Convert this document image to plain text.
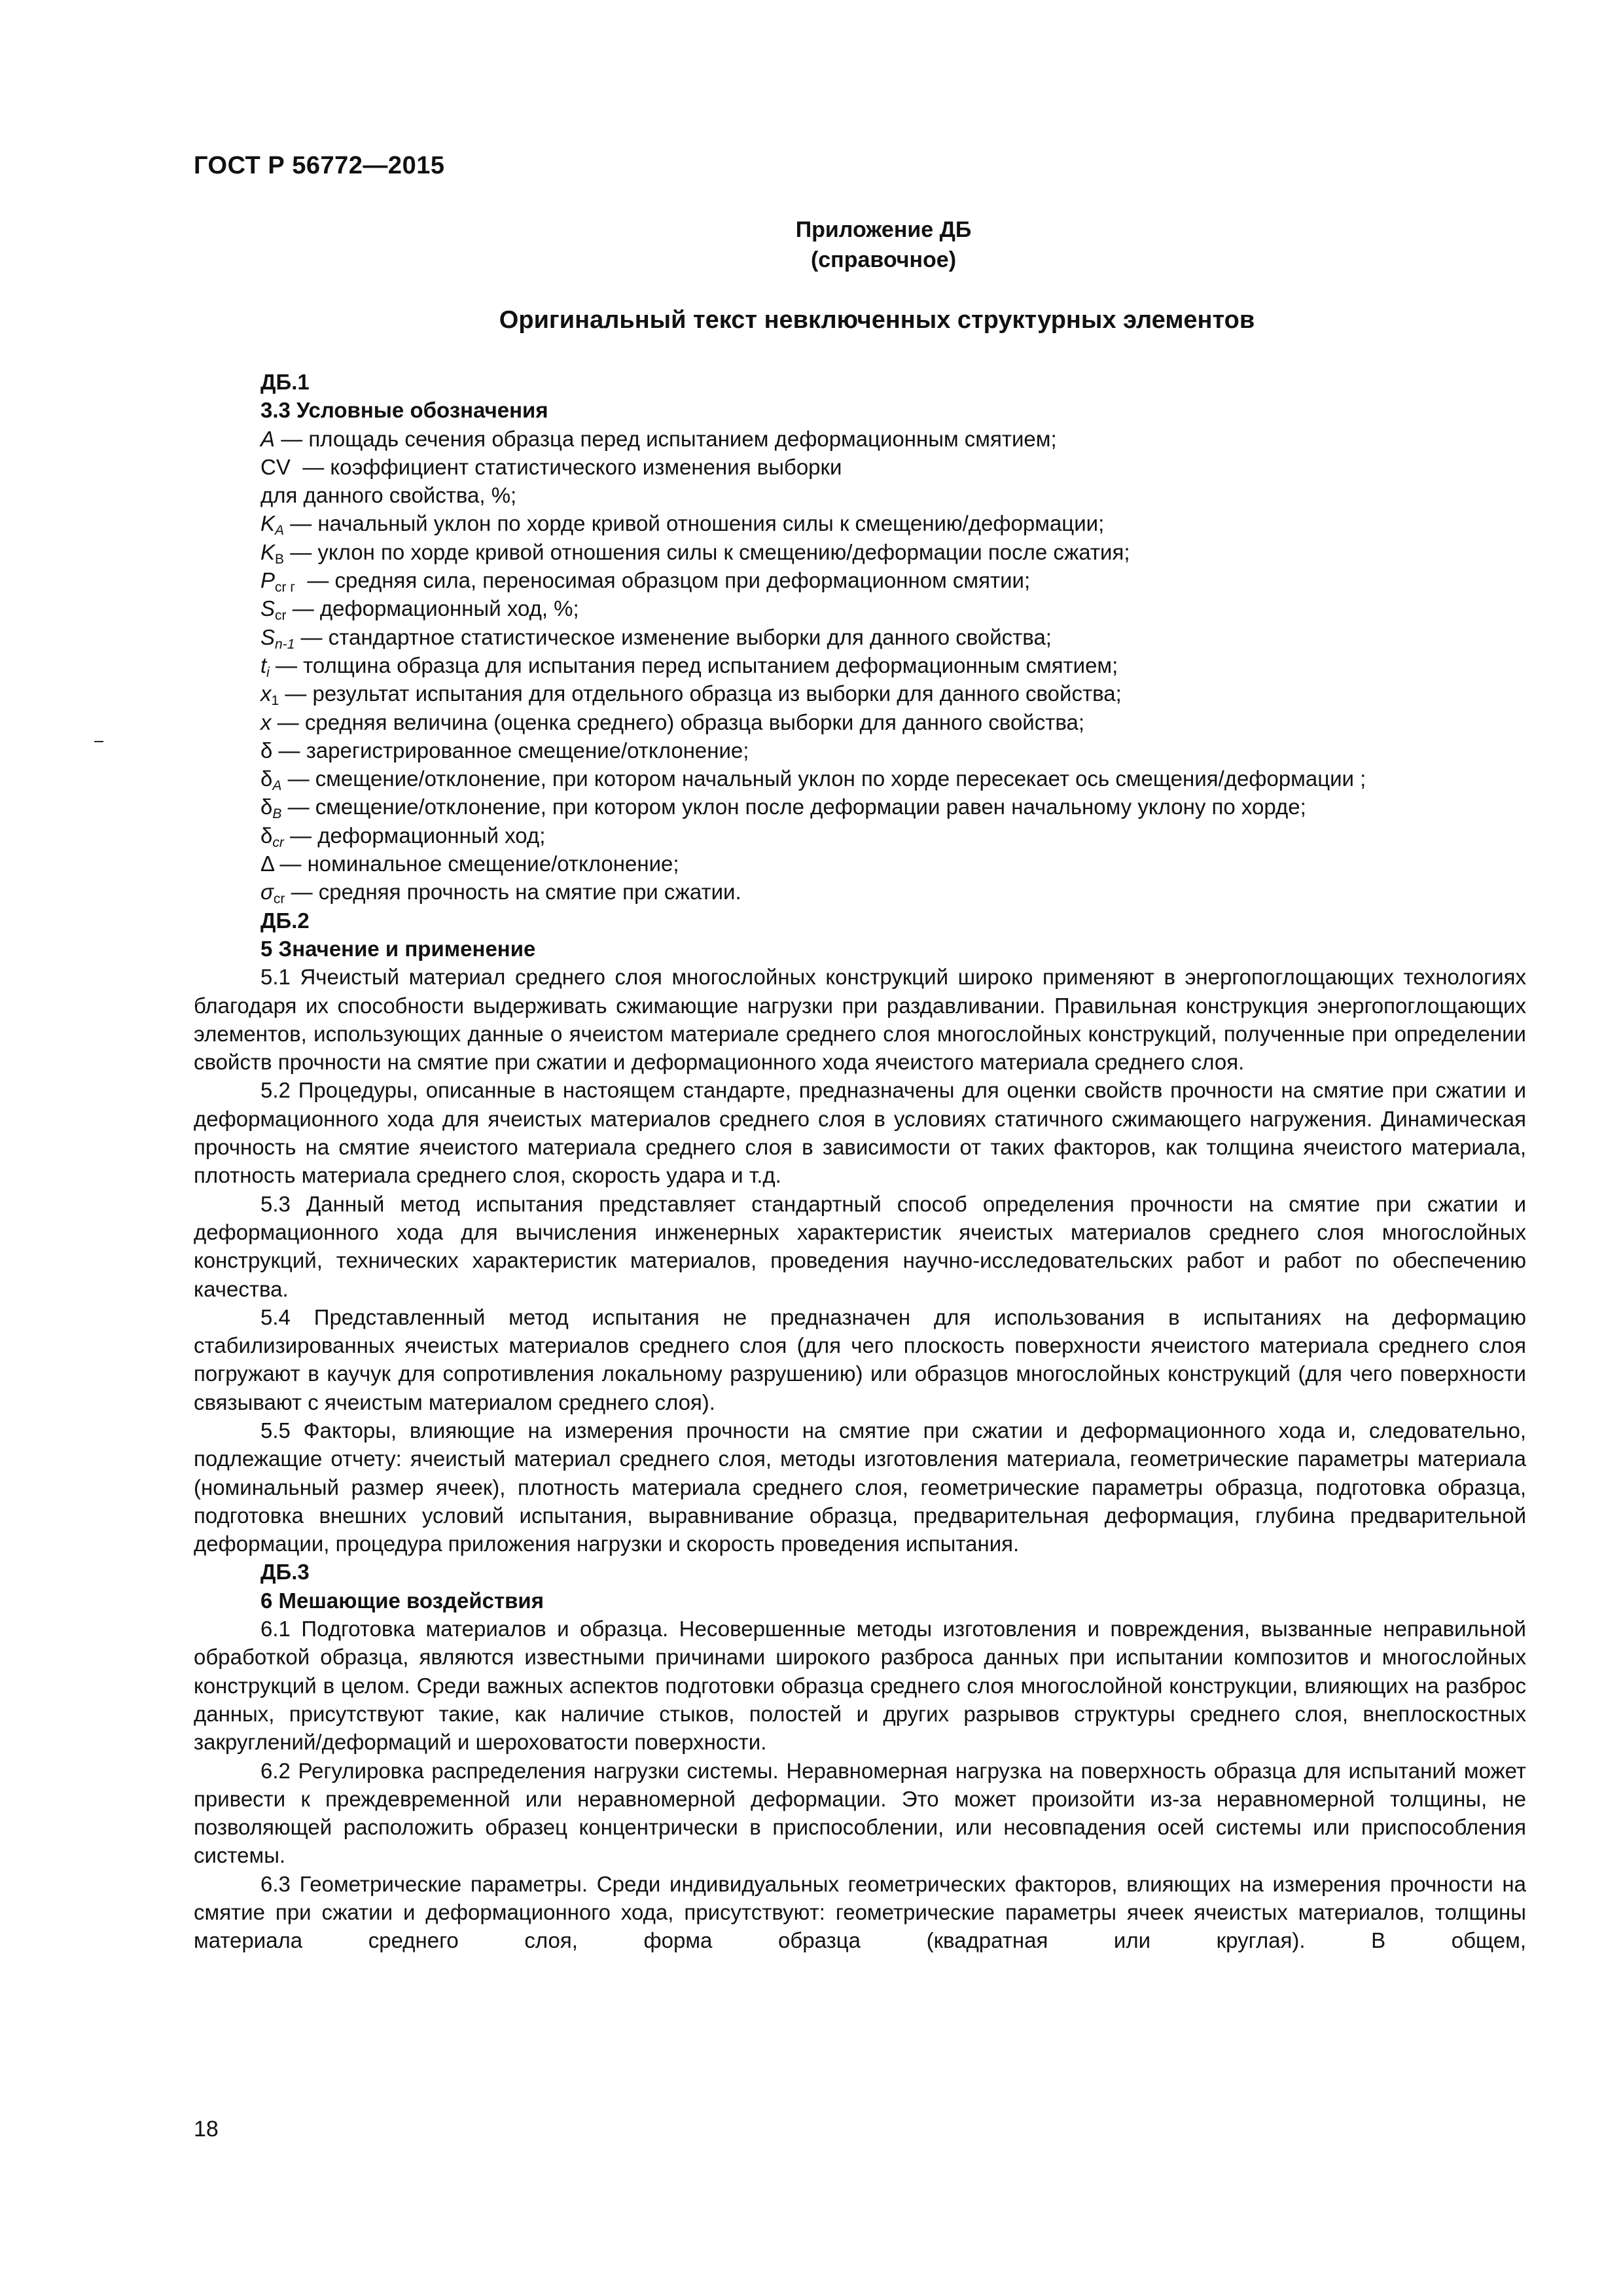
ГОСТ Р 56772—2015
Приложение ДБ
(справочное)
Оригинальный текст невключенных структурных элементов
ДБ.1
3.3 Условные обозначения
A — площадь сечения образца перед испытанием деформационным смятием;
CV — коэффициент статистического изменения выборки
для данного свойства, %;
$K_A$ — начальный уклон по хорде кривой отношения силы к смещению/деформации;
$K_B$ — уклон по хорде кривой отношения силы к смещению/деформации после сжатия;
$P_{cr г}$ — средняя сила, переносимая образцом при деформационном смятии;
$S_{cr}$ — деформационный ход, %;
$S_{n-1}$ — стандартное статистическое изменение выборки для данного свойства;
$t_i$ — толщина образца для испытания перед испытанием деформационным смятием;
$x_1$ — результат испытания для отдельного образца из выборки для данного свойства;
x — средняя величина (оценка среднего) образца выборки для данного свойства;
δ — зарегистрированное смещение/отклонение;
$\delta_A$ — смещение/отклонение, при котором начальный уклон по хорде пересекает ось смещения/деформации ;
$\delta_B$ — смещение/отклонение, при котором уклон после деформации равен начальному уклону по хорде;
$\delta_{cr}$ — деформационный ход;
Δ — номинальное смещение/отклонение;
$\sigma_{cr}$ — средняя прочность на смятие при сжатии.
ДБ.2
5 Значение и применение

5.1 Ячеистый материал среднего слоя многослойных конструкций широко применяют в энергопоглощающих технологиях благодаря их способности выдерживать сжимающие нагрузки при раздавливании. Правильная конструкция энергопоглощающих элементов, использующих данные о ячеистом материале среднего слоя многослойных конструкций, полученные при определении свойств прочности на смятие при сжатии и деформационного хода ячеистого материала среднего слоя.

5.2 Процедуры, описанные в настоящем стандарте, предназначены для оценки свойств прочности на смятие при сжатии и деформационного хода для ячеистых материалов среднего слоя в условиях статичного сжимающего нагружения. Динамическая прочность на смятие ячеистого материала среднего слоя в зависимости от таких факторов, как толщина ячеистого материала, плотность материала среднего слоя, скорость удара и т.д.

5.3 Данный метод испытания представляет стандартный способ определения прочности на смятие при сжатии и деформационного хода для вычисления инженерных характеристик ячеистых материалов среднего слоя многослойных конструкций, технических характеристик материалов, проведения научно-исследовательских работ и работ по обеспечению качества.

5.4 Представленный метод испытания не предназначен для использования в испытаниях на деформацию стабилизированных ячеистых материалов среднего слоя (для чего плоскость поверхности ячеистого материала среднего слоя погружают в каучук для сопротивления локальному разрушению) или образцов многослойных конструкций (для чего поверхности связывают с ячеистым материалом среднего слоя).

5.5 Факторы, влияющие на измерения прочности на смятие при сжатии и деформационного хода и, следовательно, подлежащие отчету: ячеистый материал среднего слоя, методы изготовления материала, геометрические параметры материала (номинальный размер ячеек), плотность материала среднего слоя, геометрические параметры образца, подготовка образца, подготовка внешних условий испытания, выравнивание образца, предварительная деформация, глубина предварительной деформации, процедура приложения нагрузки и скорость проведения испытания.

ДБ.3
6 Мешающие воздействия

6.1 Подготовка материалов и образца. Несовершенные методы изготовления и повреждения, вызванные неправильной обработкой образца, являются известными причинами широкого разброса данных при испытании композитов и многослойных конструкций в целом. Среди важных аспектов подготовки образца среднего слоя многослойной конструкции, влияющих на разброс данных, присутствуют такие, как наличие стыков, полостей и других разрывов структуры среднего слоя, внеплоскостных закруглений/деформаций и шероховатости поверхности.

6.2 Регулировка распределения нагрузки системы. Неравномерная нагрузка на поверхность образца для испытаний может привести к преждевременной или неравномерной деформации. Это может произойти из-за неравномерной толщины, не позволяющей расположить образец концентрически в приспособлении, или несовпадения осей системы или приспособления системы.

6.3 Геометрические параметры. Среди индивидуальных геометрических факторов, влияющих на измерения прочности на смятие при сжатии и деформационного хода, присутствуют: геометрические параметры ячеек ячеистых материалов, толщины материала среднего слоя, форма образца (квадратная или круглая). В общем,

18
